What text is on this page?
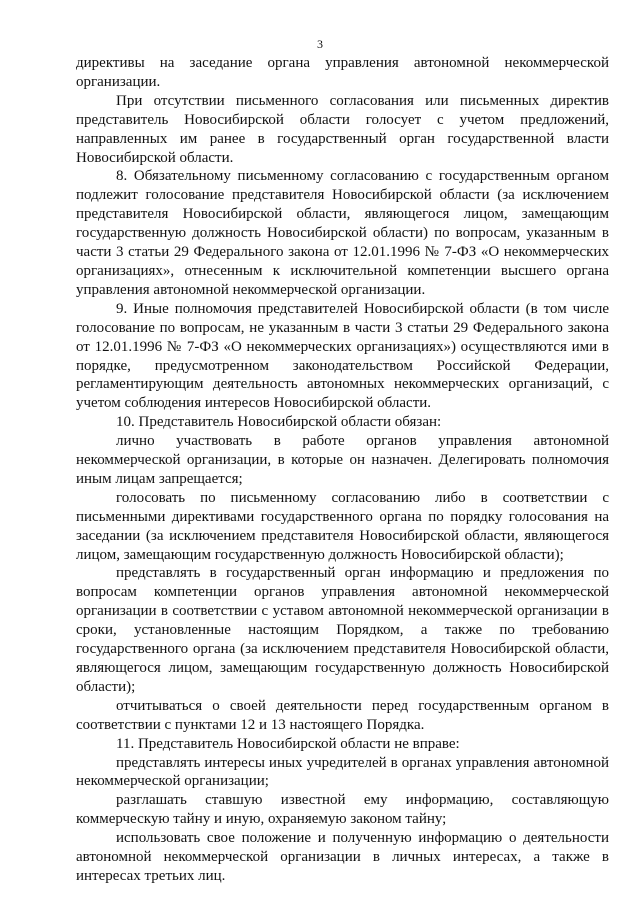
3

директивы на заседание органа управления автономной некоммерческой организации.

При отсутствии письменного согласования или письменных директив представитель Новосибирской области голосует с учетом предложений, направленных им ранее в государственный орган государственной власти Новосибирской области.

8. Обязательному письменному согласованию с государственным органом подлежит голосование представителя Новосибирской области (за исключением представителя Новосибирской области, являющегося лицом, замещающим государственную должность Новосибирской области) по вопросам, указанным в части 3 статьи 29 Федерального закона от 12.01.1996 № 7-ФЗ «О некоммерческих организациях», отнесенным к исключительной компетенции высшего органа управления автономной некоммерческой организации.

9. Иные полномочия представителей Новосибирской области (в том числе голосование по вопросам, не указанным в части 3 статьи 29 Федерального закона от 12.01.1996 № 7-ФЗ «О некоммерческих организациях») осуществляются ими в порядке, предусмотренном законодательством Российской Федерации, регламентирующим деятельность автономных некоммерческих организаций, с учетом соблюдения интересов Новосибирской области.

10. Представитель Новосибирской области обязан:

лично участвовать в работе органов управления автономной некоммерческой организации, в которые он назначен. Делегировать полномочия иным лицам запрещается;

голосовать по письменному согласованию либо в соответствии с письменными директивами государственного органа по порядку голосования на заседании (за исключением представителя Новосибирской области, являющегося лицом, замещающим государственную должность Новосибирской области);

представлять в государственный орган информацию и предложения по вопросам компетенции органов управления автономной некоммерческой организации в соответствии с уставом автономной некоммерческой организации в сроки, установленные настоящим Порядком, а также по требованию государственного органа (за исключением представителя Новосибирской области, являющегося лицом, замещающим государственную должность Новосибирской области);

отчитываться о своей деятельности перед государственным органом в соответствии с пунктами 12 и 13 настоящего Порядка.

11. Представитель Новосибирской области не вправе:

представлять интересы иных учредителей в органах управления автономной некоммерческой организации;

разглашать ставшую известной ему информацию, составляющую коммерческую тайну и иную, охраняемую законом тайну;

использовать свое положение и полученную информацию о деятельности автономной некоммерческой организации в личных интересах, а также в интересах третьих лиц.
